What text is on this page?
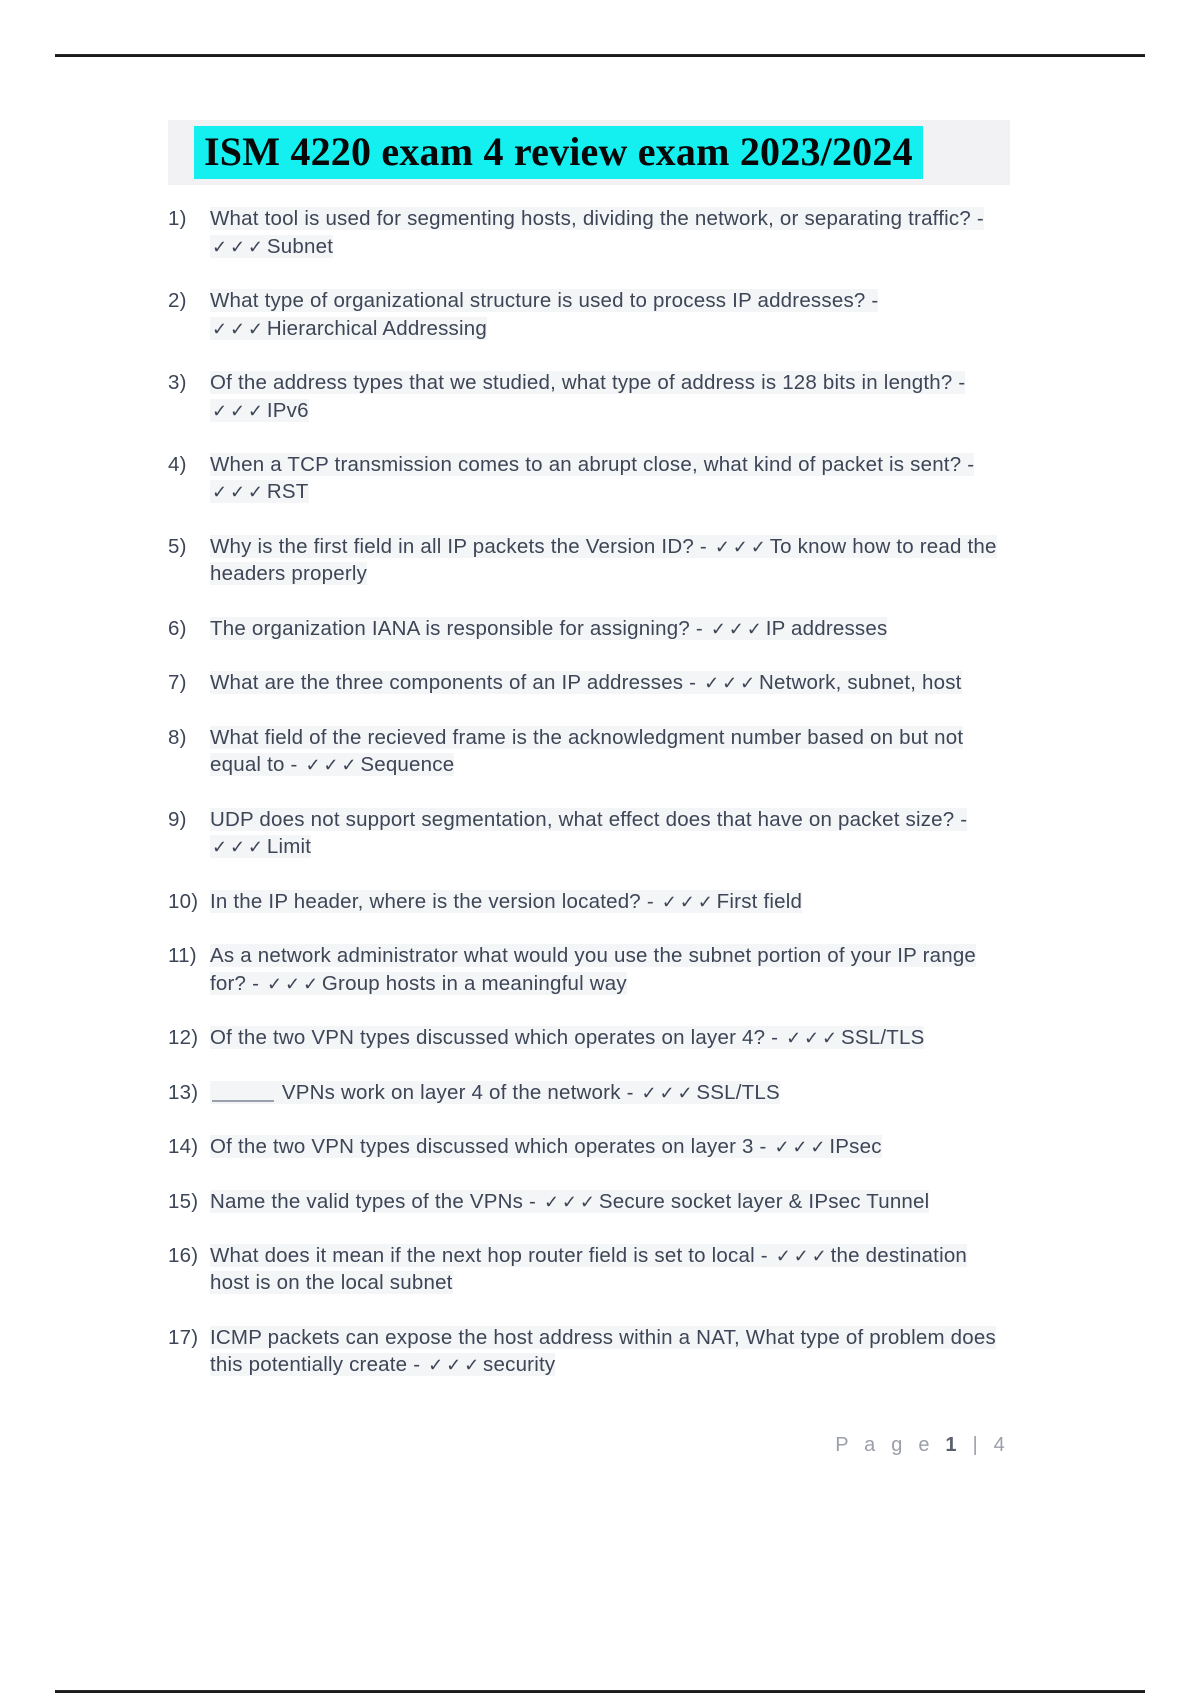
ISM 4220 exam 4 review exam 2023/2024
1)	What tool is used for segmenting hosts, dividing the network, or separating traffic? - ✓✓✓Subnet
2)	What type of organizational structure is used to process IP addresses? - ✓✓✓Hierarchical Addressing
3)	Of the address types that we studied, what type of address is 128 bits in length? - ✓✓✓IPv6
4)	When a TCP transmission comes to an abrupt close, what kind of packet is sent? - ✓✓✓RST
5)	Why is the first field in all IP packets the Version ID? - ✓✓✓To know how to read the headers properly
6)	The organization IANA is responsible for assigning? - ✓✓✓IP addresses
7)	What are the three components of an IP addresses - ✓✓✓Network, subnet, host
8)	What field of the recieved frame is the acknowledgment number based on but not equal to - ✓✓✓Sequence
9)	UDP does not support segmentation, what effect does that have on packet size? - ✓✓✓Limit
10) In the IP header, where is the version located? - ✓✓✓First field
11) As a network administrator what would you use the subnet portion of your IP range for? - ✓✓✓Group hosts in a meaningful way
12) Of the two VPN types discussed which operates on layer 4? - ✓✓✓SSL/TLS
13)	VPNs work on layer 4 of the network - ✓✓✓SSL/TLS
14) Of the two VPN types discussed which operates on layer 3 - ✓✓✓IPsec
15) Name the valid types of the VPNs - ✓✓✓Secure socket layer & IPsec Tunnel
16) What does it mean if the next hop router field is set to local - ✓✓✓the destination host is on the local subnet
17) ICMP packets can expose the host address within a NAT, What type of problem does this potentially create - ✓✓✓security
P a g e 1 | 4
